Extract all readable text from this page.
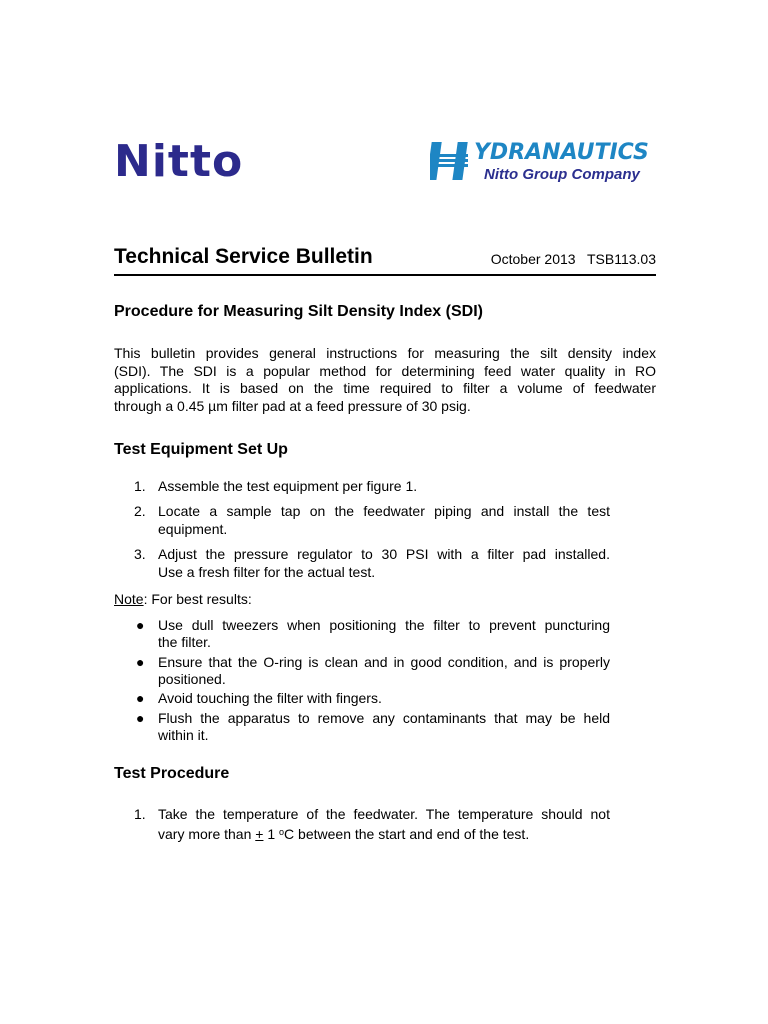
Nitto	YDRANAUTICS
Nitto Group Company
Technical Service Bulletin	October 2013 TSB113.03
Procedure for Measuring Silt Density Index (SDI)
This bulletin provides general instructions for measuring the silt density index
(SDI). The SDI is a popular method for determining feed water quality in RO
applications. It is based on the time required to filter a volume of feedwater
through a 0.45 µm filter pad at a feed pressure of 30 psig.
Test Equipment Set Up
1. Assemble the test equipment per figure 1.
2. Locate a sample tap on the feedwater piping and install the test
equipment.
3. Adjust the pressure regulator to 30 PSI with a filter pad installed.
Use a fresh filter for the actual test.
Note: For best results:
● Use dull tweezers when positioning the filter to prevent puncturing
the filter.
● Ensure that the O-ring is clean and in good condition, and is properly
positioned.
● Avoid touching the filter with fingers.
● Flush the apparatus to remove any contaminants that may be held
within it.
Test Procedure
1. Take the temperature of the feedwater. The temperature should not
vary more than + 1 $^o$C between the start and end of the test.
